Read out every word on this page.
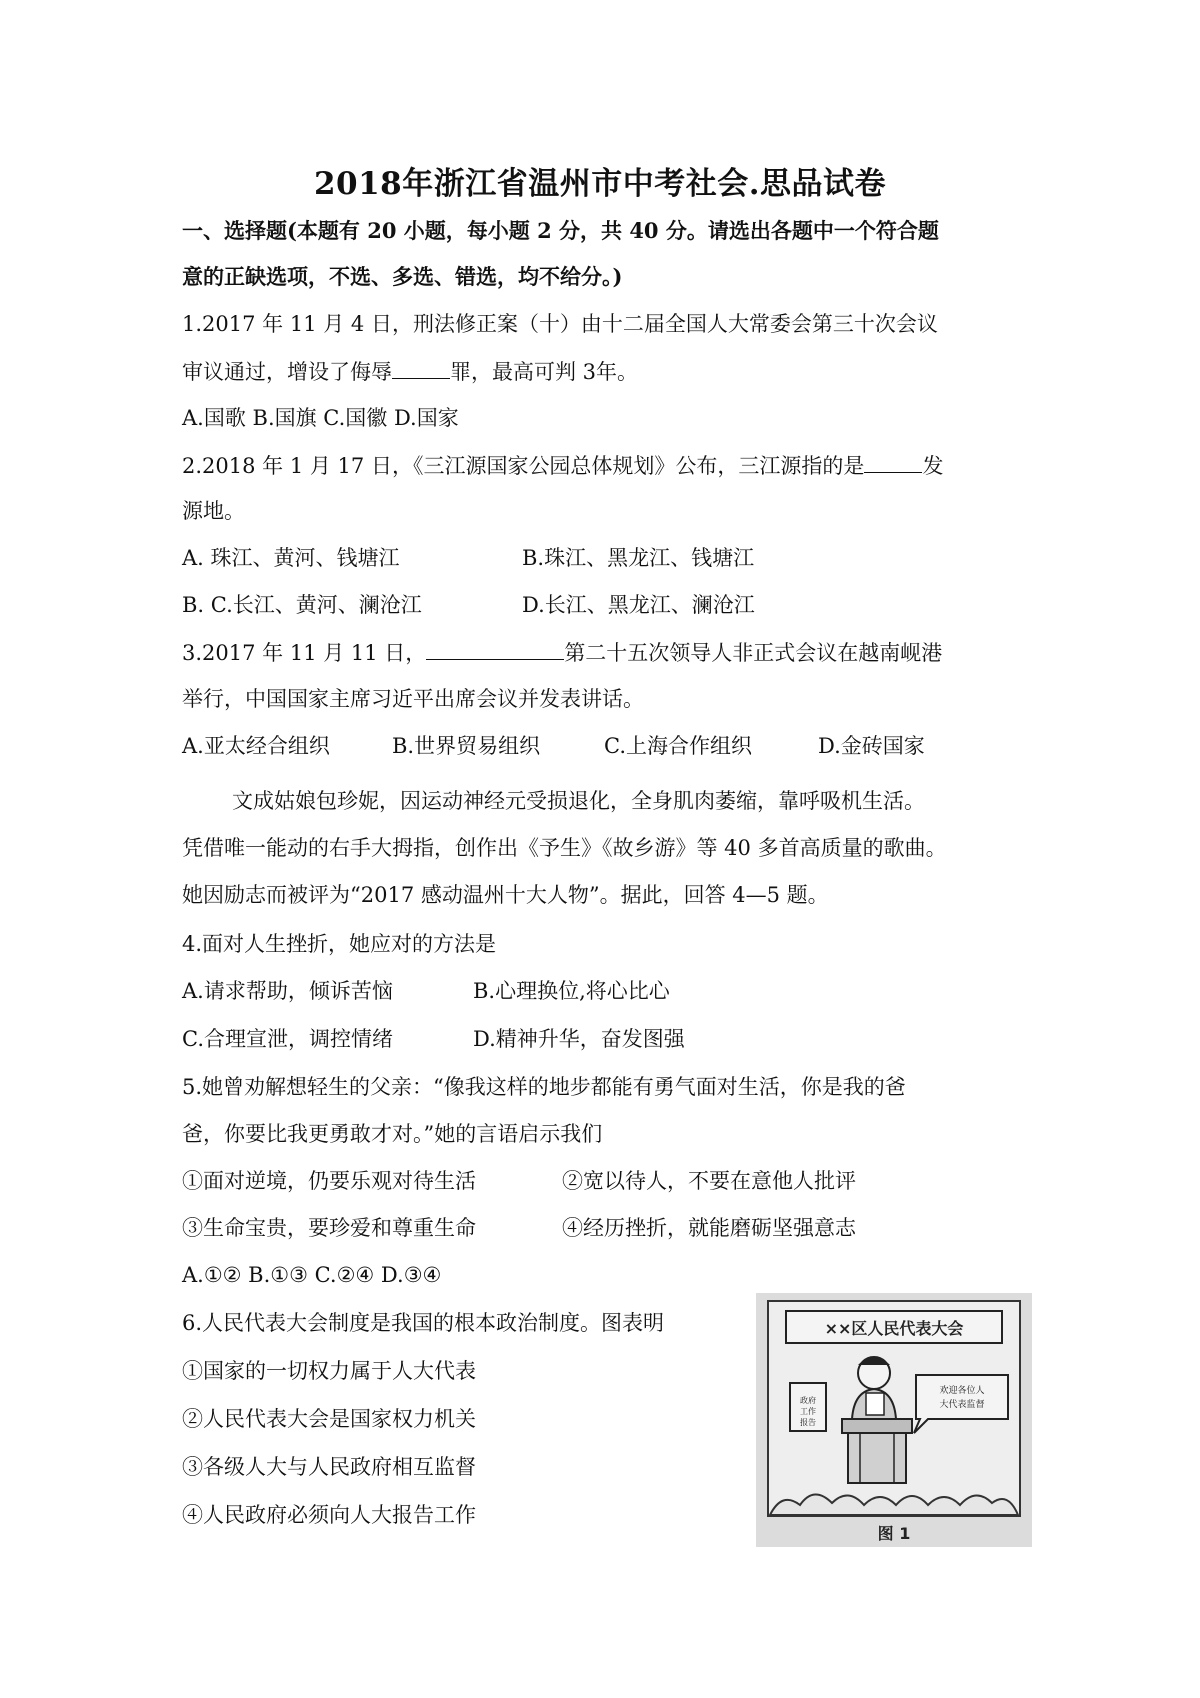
2018年浙江省温州市中考社会.思品试卷
一、选择题(本题有 20 小题，每小题 2 分，共 40 分。请选出各题中一个符合题
意的正缺选项，不选、多选、错选，均不给分。)
1.2017 年 11 月 4 日，刑法修正案（十）由十二届全国人大常委会第三十次会议
审议通过，增设了侮辱	罪，最高可判 3年。
A.国歌 B.国旗 C.国徽 D.国家
2.2018 年 1 月 17 日，《三江源国家公园总体规划》公布，三江源指的是	发
源地。
A. 珠江、黄河、钱塘江	B.珠江、黑龙江、钱塘江
B. C.长江、黄河、澜沧江	D.长江、黑龙江、澜沧江
3.2017 年 11 月 11 日，	第二十五次领导人非正式会议在越南岘港
举行，中国国家主席习近平出席会议并发表讲话。
A.亚太经合组织	B.世界贸易组织	C.上海合作组织	D.金砖国家
文成姑娘包珍妮，因运动神经元受损退化，全身肌肉萎缩，靠呼吸机生活。
凭借唯一能动的右手大拇指，创作出《予生》《故乡游》等 40 多首高质量的歌曲。
她因励志而被评为“2017 感动温州十大人物”。据此，回答 4—5 题。
4.面对人生挫折，她应对的方法是
A.请求帮助，倾诉苦恼	B.心理换位,将心比心
C.合理宣泄，调控情绪	D.精神升华，奋发图强
5.她曾劝解想轻生的父亲：“像我这样的地步都能有勇气面对生活，你是我的爸
爸，你要比我更勇敢才对。”她的言语启示我们
①面对逆境，仍要乐观对待生活	②宽以待人，不要在意他人批评
③生命宝贵，要珍爱和尊重生命	④经历挫折，就能磨砺坚强意志
A.①② B.①③ C.②④ D.③④
6.人民代表大会制度是我国的根本政治制度。图表明
①国家的一切权力属于人大代表
②人民代表大会是国家权力机关
③各级人大与人民政府相互监督
④人民政府必须向人大报告工作
××区人民代表大会
政府工作报告
欢迎各位人大代表监督
图 1
